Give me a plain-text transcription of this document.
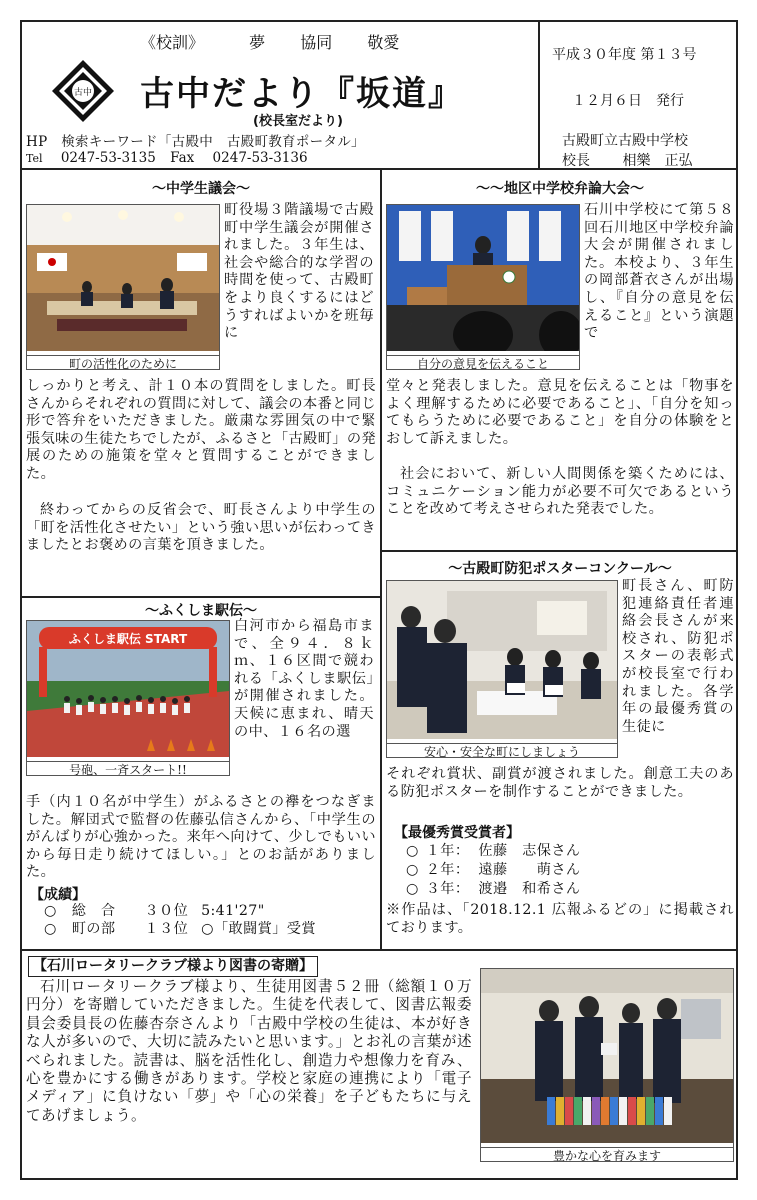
《校訓》	夢 協同 敬愛
古中 古中だより『坂道』
(校長室だより)
HP　検索キーワード「古殿中　古殿町教育ポータル」
Tel 0247-53-3135 Fax 0247-53-3136
平成３０年度 第１３号
１２月６日　発行
古殿町立古殿中学校
校長 相樂　正弘
～中学生議会～
町の活性化のために
町役場３階議場で古殿町中学生議会が開催されました。３年生は、社会や総合的な学習の時間を使って、古殿町をより良くするにはどうすればよいかを班毎に
しっかりと考え、計１０本の質問をしました。町長さんからそれぞれの質問に対して、議会の本番と同じ形で答弁をいただきました。厳粛な雰囲気の中で緊張気味の生徒たちでしたが、ふるさと「古殿町」の発展のための施策を堂々と質問することができました。
終わってからの反省会で、町長さんより中学生の「町を活性化させたい」という強い思いが伝わってきましたとお褒めの言葉を頂きました。
～ふくしま駅伝～
ふくしま駅伝 START
号砲、一斉スタート!!
白河市から福島市まで、全９４．８ｋｍ、１６区間で競われる「ふくしま駅伝」が開催されました。天候に恵まれ、晴天の中、１６名の選
手（内１０名が中学生）がふるさとの襷をつなぎました。解団式で監督の佐藤弘信さんから、「中学生のがんばりが心強かった。来年へ向けて、少しでもいいから毎日走り続けてほしい。」とのお話がありました。
【成績】
○ 総　合 ３０位 5:41'27"
○ 町の部 １３位 ○「敢闘賞」受賞
～～地区中学校弁論大会～
自分の意見を伝えること
石川中学校にて第５８回石川地区中学校弁論大会が開催されました。本校より、３年生の岡部蒼衣さんが出場し、『自分の意見を伝えること』という演題で
堂々と発表しました。意見を伝えることは「物事をよく理解するために必要であること」、「自分を知ってもらうために必要であること」を自分の体験をとおして訴えました。
社会において、新しい人間関係を築くためには、コミュニケーション能力が必要不可欠であるということを改めて考えさせられた発表でした。
～古殿町防犯ポスターコンクール～
安心・安全な町にしましょう
町長さん、町防犯連絡責任者連絡会長さんが来校され、防犯ポスターの表彰式が校長室で行われました。各学年の最優秀賞の生徒に
それぞれ賞状、副賞が渡されました。創意工夫のある防犯ポスターを制作することができました。
【最優秀賞受賞者】
○ １年： 佐藤　志保さん
○ ２年： 遠藤　　萌さん
○ ３年： 渡邉　和希さん
※作品は、「2018.12.1 広報ふるどの」に掲載されております。
【石川ロータリークラブ様より図書の寄贈】
石川ロータリークラブ様より、生徒用図書５２冊（総額１０万円分）を寄贈していただきました。生徒を代表して、図書広報委員会委員長の佐藤杏奈さんより「古殿中学校の生徒は、本が好きな人が多いので、大切に読みたいと思います。」とお礼の言葉が述べられました。読書は、脳を活性化し、創造力や想像力を育み、心を豊かにする働きがあります。学校と家庭の連携により「電子メディア」に負けない「夢」や「心の栄養」を子どもたちに与えてあげましょう。
豊かな心を育みます
